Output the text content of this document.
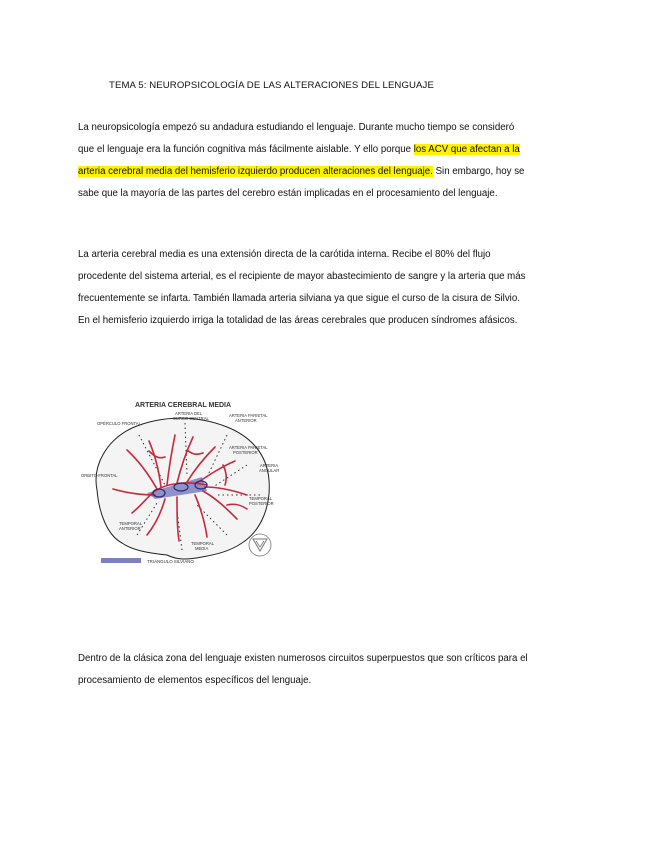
TEMA 5: NEUROPSICOLOGÍA DE LAS ALTERACIONES DEL LENGUAJE

La neuropsicología empezó su andadura estudiando el lenguaje. Durante mucho tiempo se consideró
que el lenguaje era la función cognitiva más fácilmente aislable. Y ello porque los ACV que afectan a la
arteria cerebral media del hemisferio izquierdo producen alteraciones del lenguaje. Sin embargo, hoy se
sabe que la mayoría de las partes del cerebro están implicadas en el procesamiento del lenguaje.

La arteria cerebral media es una extensión directa de la carótida interna. Recibe el 80% del flujo
procedente del sistema arterial, es el recipiente de mayor abastecimiento de sangre y la arteria que más
frecuentemente se infarta. También llamada arteria silviana ya que sigue el curso de la cisura de Silvio.
En el hemisferio izquierdo irriga la totalidad de las áreas cerebrales que producen síndromes afásicos.

ARTERIA CEREBRAL MEDIA
OPÉRCULO FRONTAL
ARTERIA DEL
SURCO CENTRAL
ARTERIA PARIETAL
ANTERIOR
ARTERIA PARIETAL
POSTERIOR
ARTERIA
ANGULAR
ORBITO-FRONTAL
TEMPORAL
POSTERIOR
TEMPORAL
ANTERIOR
TEMPORAL
MEDIA
TRIÁNGULO SILVIANO

Dentro de la clásica zona del lenguaje existen numerosos circuitos superpuestos que son críticos para el
procesamiento de elementos específicos del lenguaje.
